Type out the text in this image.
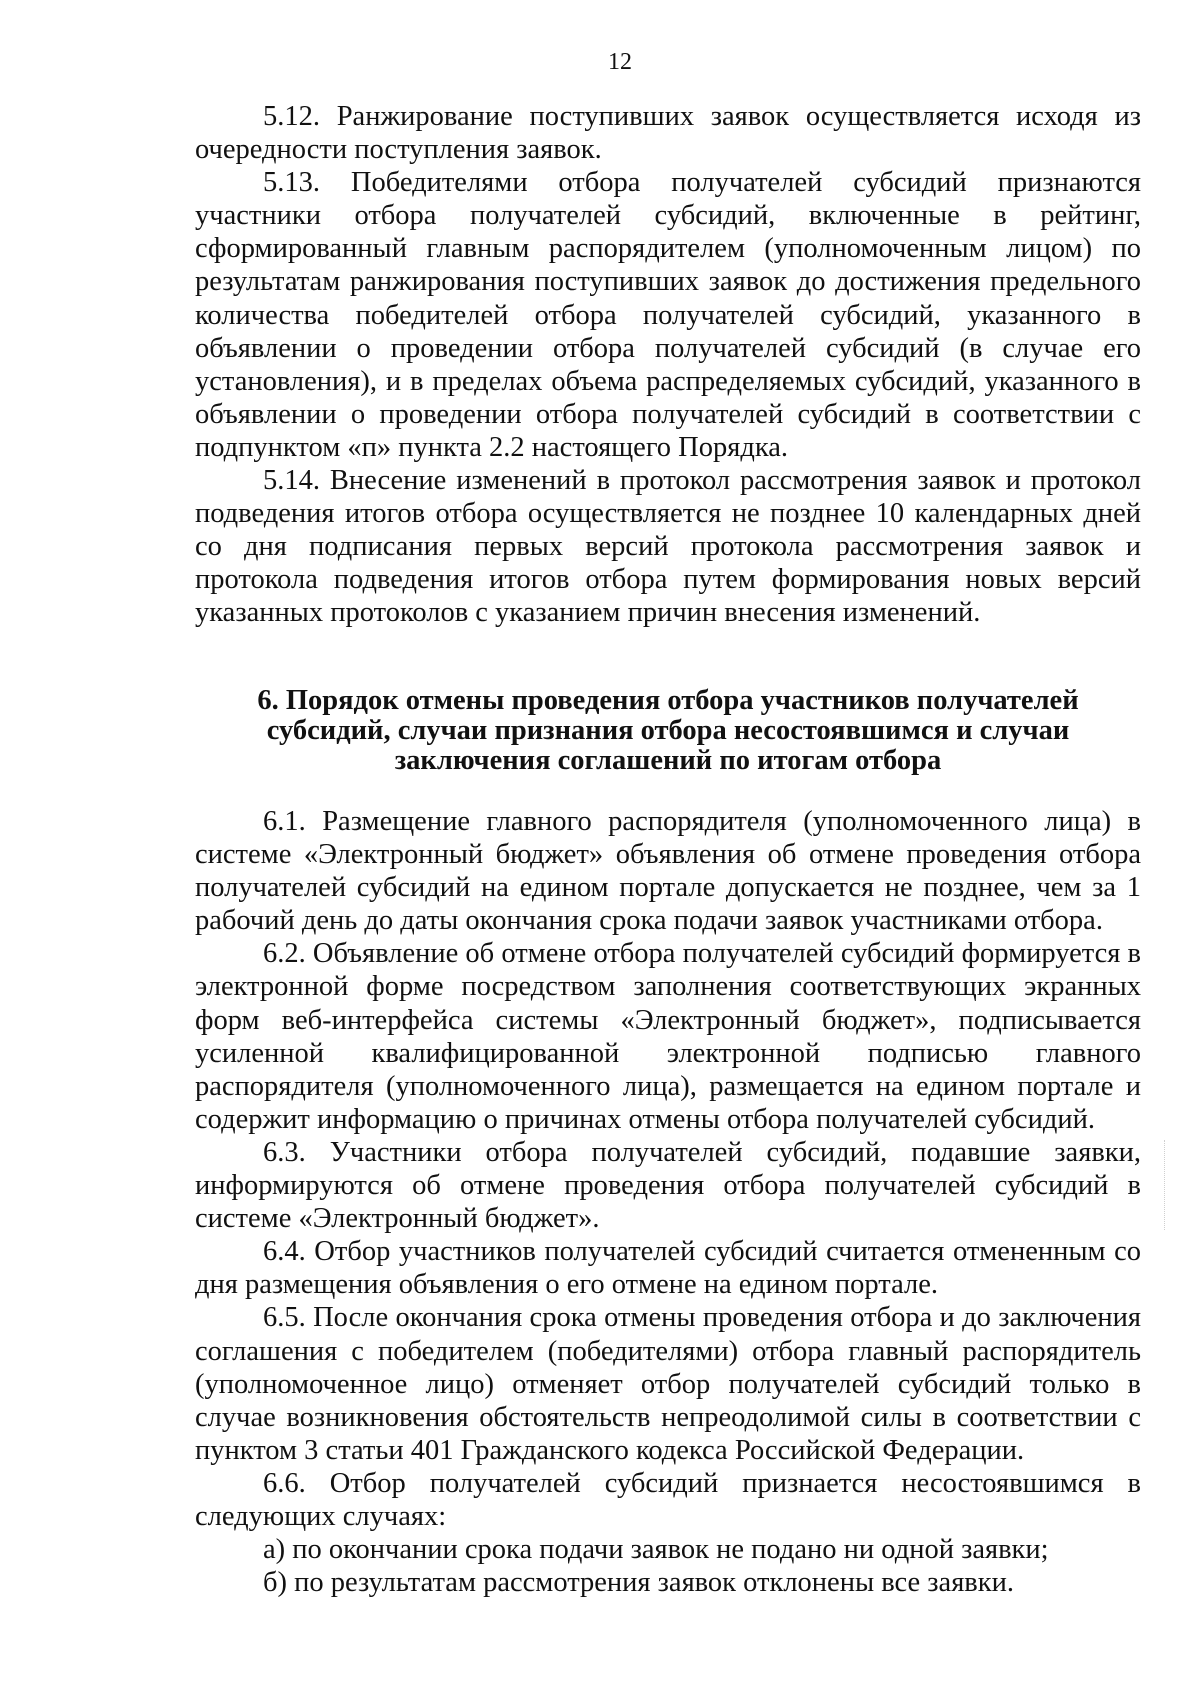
12

5.12. Ранжирование поступивших заявок осуществляется исходя из очередности поступления заявок.

5.13. Победителями отбора получателей субсидий признаются участники отбора получателей субсидий, включенные в рейтинг, сформированный главным распорядителем (уполномоченным лицом) по результатам ранжирования поступивших заявок до достижения предельного количества победителей отбора получателей субсидий, указанного в объявлении о проведении отбора получателей субсидий (в случае его установления), и в пределах объема распределяемых субсидий, указанного в объявлении о проведении отбора получателей субсидий в соответствии с подпунктом «п» пункта 2.2 настоящего Порядка.

5.14. Внесение изменений в протокол рассмотрения заявок и протокол подведения итогов отбора осуществляется не позднее 10 календарных дней со дня подписания первых версий протокола рассмотрения заявок и протокола подведения итогов отбора путем формирования новых версий указанных протоколов с указанием причин внесения изменений.

6. Порядок отмены проведения отбора участников получателей
субсидий, случаи признания отбора несостоявшимся и случаи
заключения соглашений по итогам отбора

6.1. Размещение главного распорядителя (уполномоченного лица) в системе «Электронный бюджет» объявления об отмене проведения отбора получателей субсидий на едином портале допускается не позднее, чем за 1 рабочий день до даты окончания срока подачи заявок участниками отбора.

6.2. Объявление об отмене отбора получателей субсидий формируется в электронной форме посредством заполнения соответствующих экранных форм веб-интерфейса системы «Электронный бюджет», подписывается усиленной квалифицированной электронной подписью главного распорядителя (уполномоченного лица), размещается на едином портале и содержит информацию о причинах отмены отбора получателей субсидий.

6.3. Участники отбора получателей субсидий, подавшие заявки, информируются об отмене проведения отбора получателей субсидий в системе «Электронный бюджет».

6.4. Отбор участников получателей субсидий считается отмененным со дня размещения объявления о его отмене на едином портале.

6.5. После окончания срока отмены проведения отбора и до заключения соглашения с победителем (победителями) отбора главный распорядитель (уполномоченное лицо) отменяет отбор получателей субсидий только в случае возникновения обстоятельств непреодолимой силы в соответствии с пунктом 3 статьи 401 Гражданского кодекса Российской Федерации.

6.6. Отбор получателей субсидий признается несостоявшимся в следующих случаях:

а) по окончании срока подачи заявок не подано ни одной заявки;

б) по результатам рассмотрения заявок отклонены все заявки.
